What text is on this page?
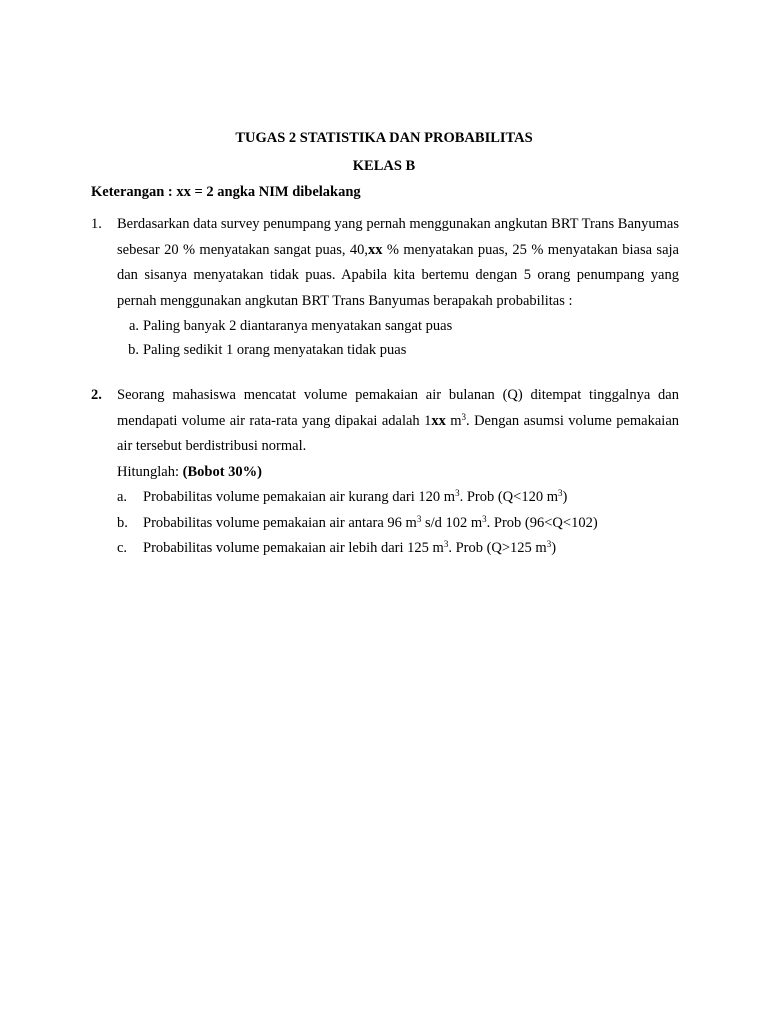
TUGAS 2 STATISTIKA DAN PROBABILITAS
KELAS B
Keterangan : xx = 2 angka NIM dibelakang
1.	Berdasarkan data survey penumpang yang pernah menggunakan angkutan BRT Trans Banyumas sebesar 20 % menyatakan sangat puas, 40,xx % menyatakan puas, 25 % menyatakan biasa saja dan sisanya menyatakan tidak puas. Apabila kita bertemu dengan 5 orang penumpang yang pernah menggunakan angkutan BRT Trans Banyumas berapakah probabilitas :
a. Paling banyak 2 diantaranya menyatakan sangat puas
b. Paling sedikit 1 orang menyatakan tidak puas
2.	Seorang mahasiswa mencatat volume pemakaian air bulanan (Q) ditempat tinggalnya dan mendapati volume air rata-rata yang dipakai adalah 1xx $m^3$. Dengan asumsi volume pemakaian air tersebut berdistribusi normal.
Hitunglah: (Bobot 30%)
a.	Probabilitas volume pemakaian air kurang dari 120 $m^3$. Prob (Q<120 $m^3$)
b.	Probabilitas volume pemakaian air antara 96 $m^3$ s/d 102 $m^3$. Prob (96<Q<102)
c.	Probabilitas volume pemakaian air lebih dari 125 $m^3$. Prob (Q>125 $m^3$)
